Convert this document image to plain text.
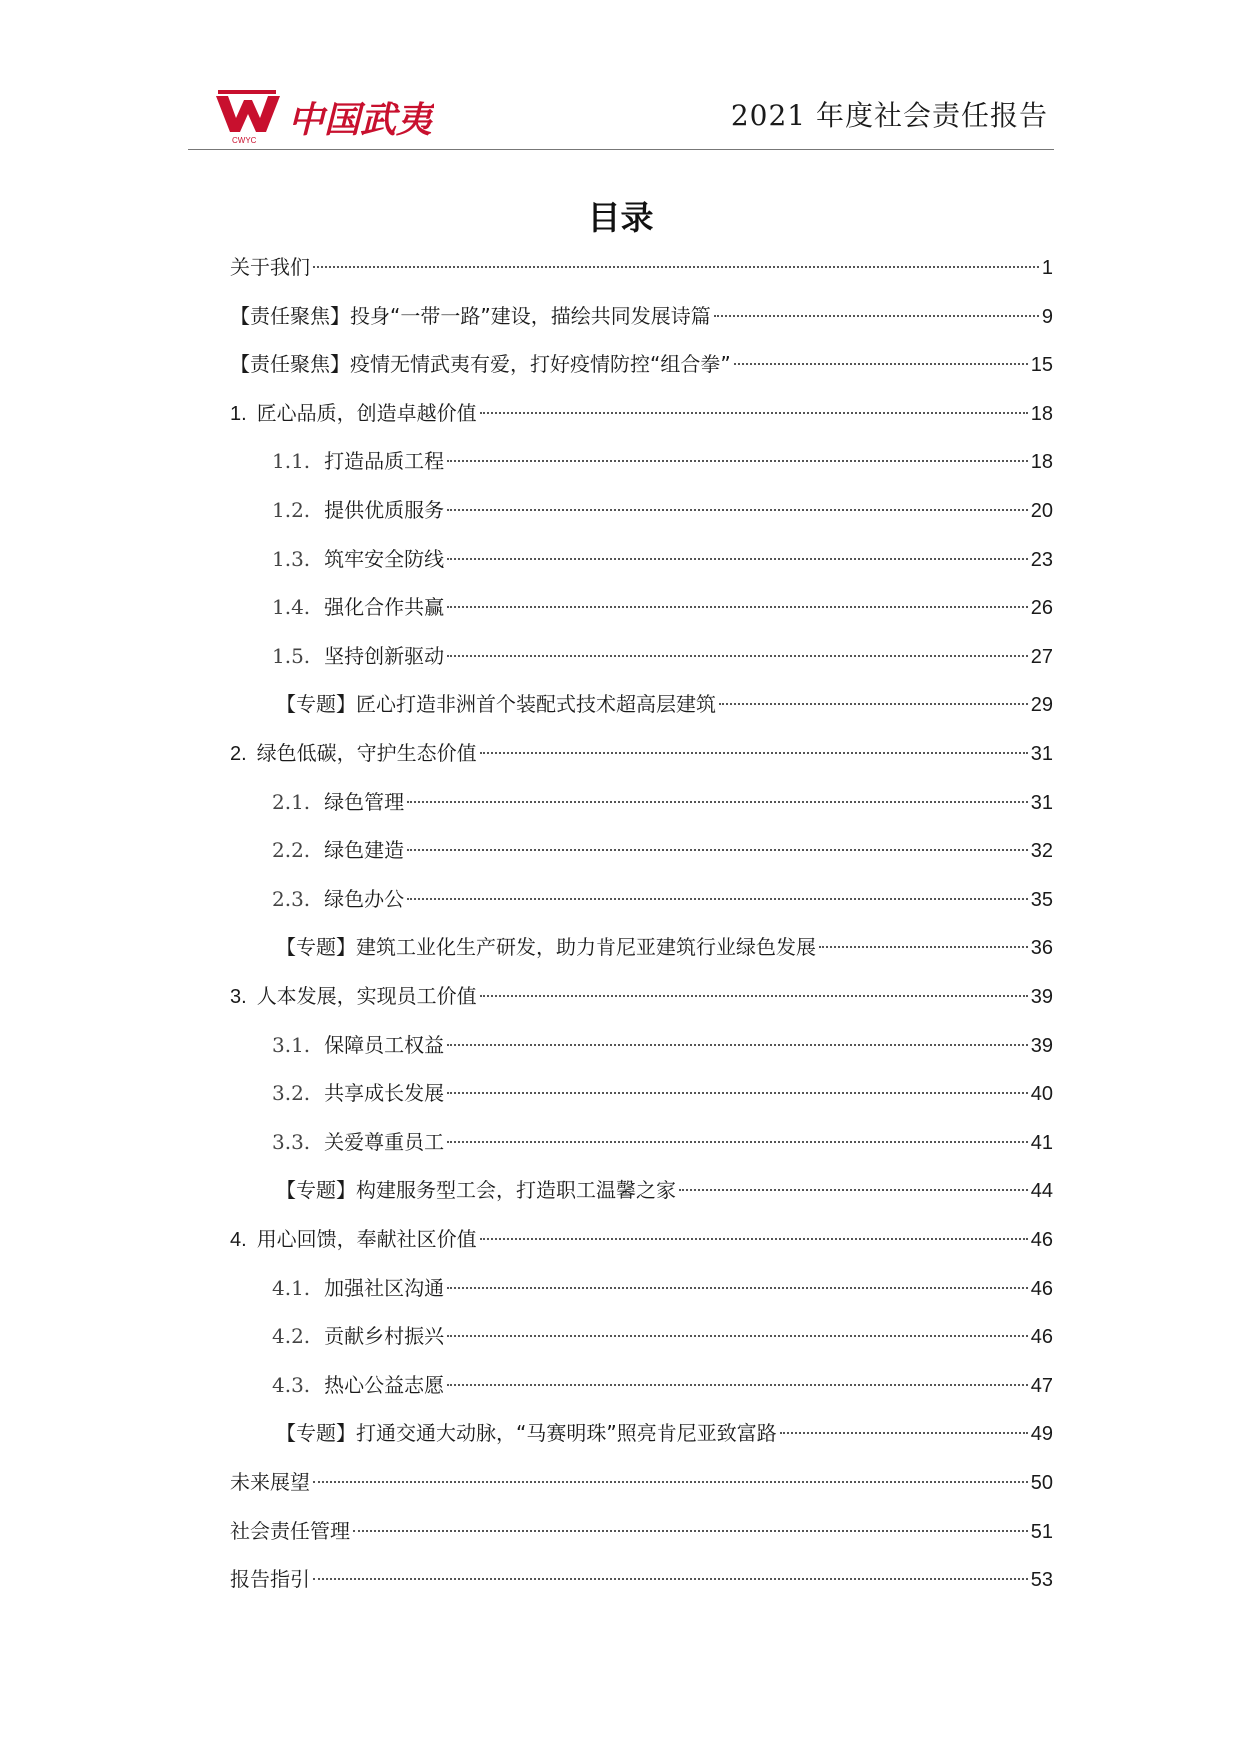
CWYC 中国武夷	2021 年度社会责任报告
目录
关于我们	1
【责任聚焦】投身“一带一路”建设，描绘共同发展诗篇	9
【责任聚焦】疫情无情武夷有爱，打好疫情防控“组合拳”	15
1. 匠心品质，创造卓越价值	18
1.1. 打造品质工程	18
1.2. 提供优质服务	20
1.3. 筑牢安全防线	23
1.4. 强化合作共赢	26
1.5. 坚持创新驱动	27
【专题】匠心打造非洲首个装配式技术超高层建筑	29
2. 绿色低碳，守护生态价值	31
2.1. 绿色管理	31
2.2. 绿色建造	32
2.3. 绿色办公	35
【专题】建筑工业化生产研发，助力肯尼亚建筑行业绿色发展	36
3. 人本发展，实现员工价值	39
3.1. 保障员工权益	39
3.2. 共享成长发展	40
3.3. 关爱尊重员工	41
【专题】构建服务型工会，打造职工温馨之家	44
4. 用心回馈，奉献社区价值	46
4.1. 加强社区沟通	46
4.2. 贡献乡村振兴	46
4.3. 热心公益志愿	47
【专题】打通交通大动脉，“马赛明珠”照亮肯尼亚致富路	49
未来展望	50
社会责任管理	51
报告指引	53
